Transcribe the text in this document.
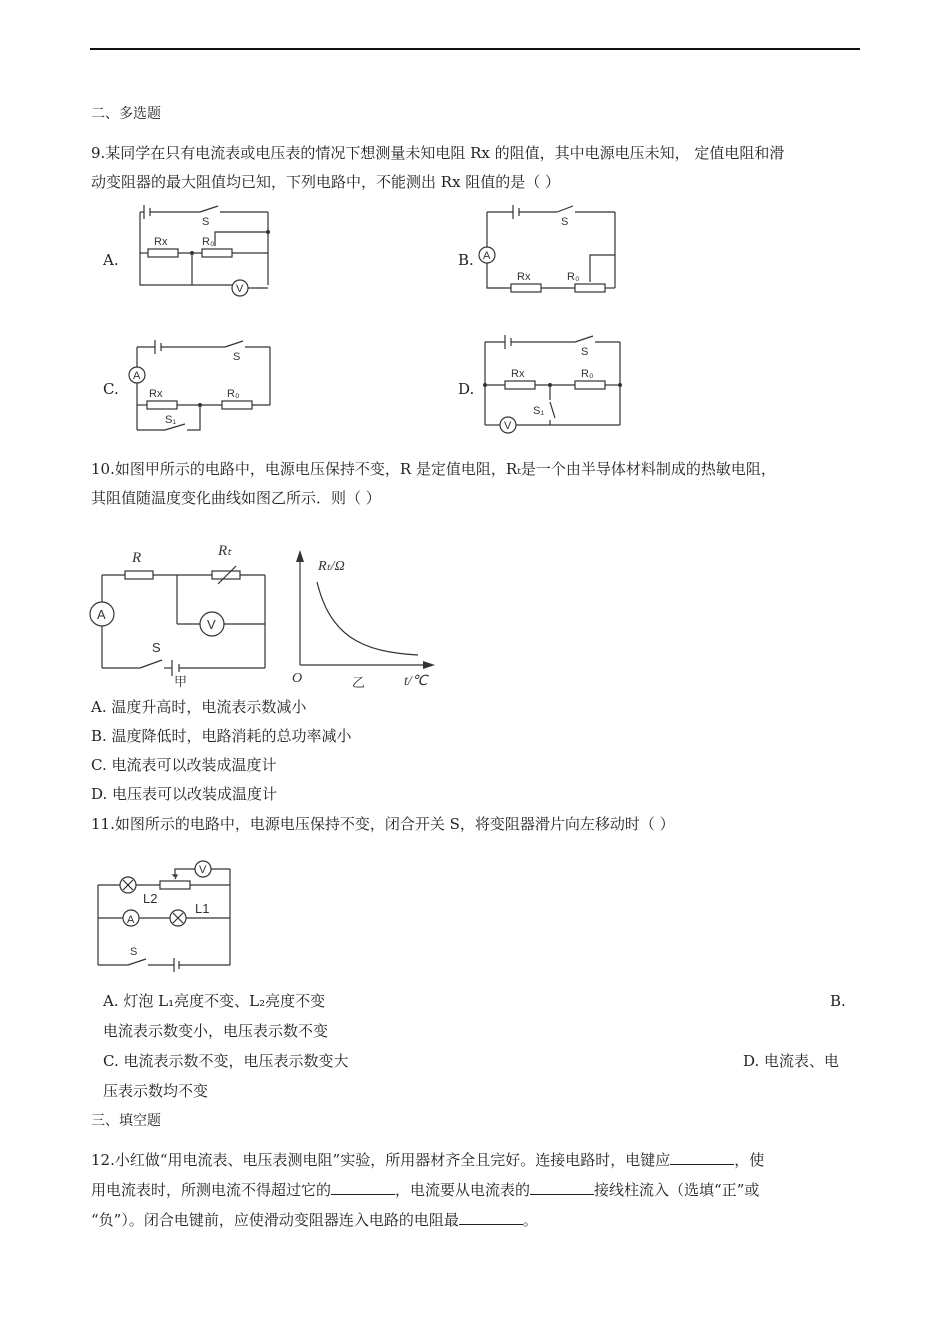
二、多选题
9.某同学在只有电流表或电压表的情况下想测量未知电阻 Rx 的阻值，其中电源电压未知， 定值电阻和滑
动变阻器的最大阻值均已知，下列电路中，不能测出 Rx 阻值的是（ ）
A.
S
Rx	R₀
V
B. A
S
Rx	R₀
C.
A
S
Rx	R₀
S₁
D.
S
Rx	R₀
S₁
V
10.如图甲所示的电路中，电源电压保持不变，R 是定值电阻，Rₜ是一个由半导体材料制成的热敏电阻，
其阻值随温度变化曲线如图乙所示．则（ ）
R	Rₜ
A
V
S
甲
Rₜ/Ω
O	乙	t/℃
A. 温度升高时，电流表示数减小
B. 温度降低时，电路消耗的总功率减小
C. 电流表可以改装成温度计
D. 电压表可以改装成温度计
11.如图所示的电路中，电源电压保持不变，闭合开关 S，将变阻器滑片向左移动时（ ）
L2
L1
A
V
S
A. 灯泡 L₁亮度不变、L₂亮度不变	B.
电流表示数变小，电压表示数不变
C. 电流表示数不变，电压表示数变大	D. 电流表、电
压表示数均不变
三、填空题
12.小红做“用电流表、电压表测电阻”实验，所用器材齐全且完好。连接电路时，电键应	，使
用电流表时，所测电流不得超过它的	，电流要从电流表的	接线柱流入（选填“正”或
“负”）。闭合电键前，应使滑动变阻器连入电路的电阻最	。
